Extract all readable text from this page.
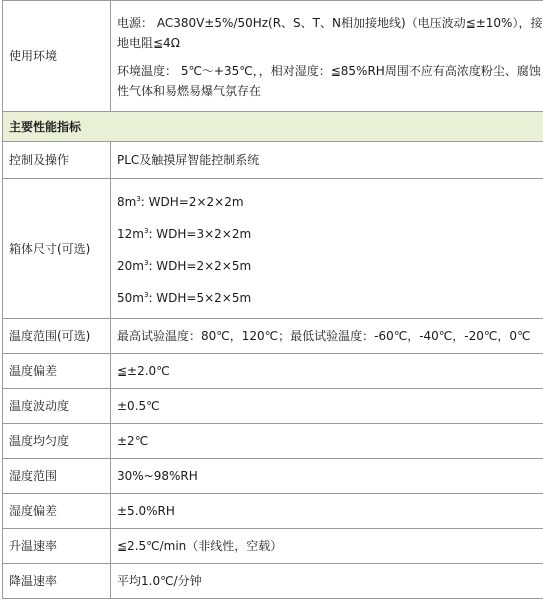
使用环境	电源： AC380V±5%/50Hz(R、S、T、N相加接地线)（电压波动≦±10%），接地电阻≦4Ω

环境温度： 5℃～+35℃，，相对湿度：≦85%RH周围不应有高浓度粉尘、腐蚀性气体和易燃易爆气氛存在

主要性能指标	
控制及操作	PLC及触摸屏智能控制系统
箱体尺寸(可选)	$8m^3$: WDH=2×2×2m

$12m^3$: WDH=3×2×2m

$20m^3$: WDH=2×2×5m

$50m^3$: WDH=5×2×5m

温度范围(可选)	最高试验温度：80℃，120℃；最低试验温度：-60℃，-40℃，-20℃，0℃
温度偏差	≦±2.0℃
温度波动度	±0.5℃
温度均匀度	±2℃
湿度范围	30%~98%RH
湿度偏差	±5.0%RH
升温速率	≦2.5℃/min（非线性，空载）
降温速率	平均1.0℃/分钟
